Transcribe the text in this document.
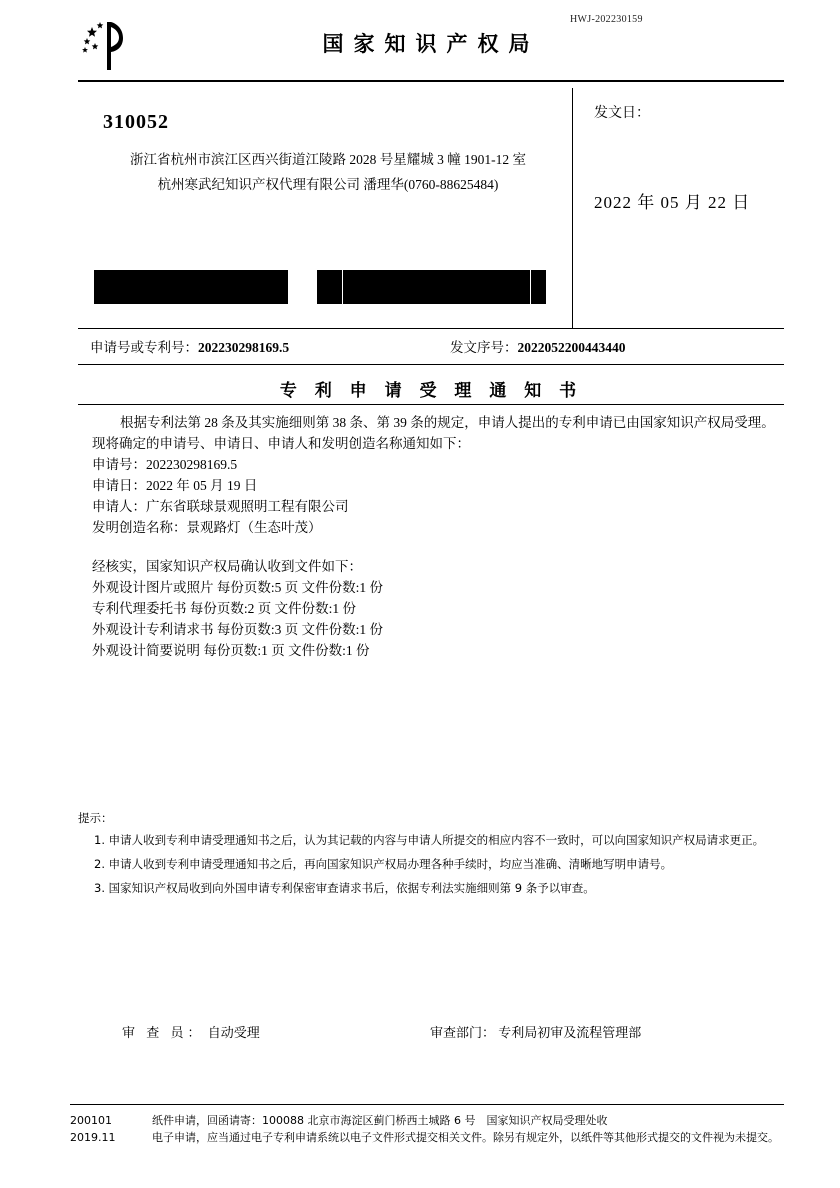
HWJ-202230159
国家知识产权局
310052
浙江省杭州市滨江区西兴街道江陵路 2028 号星耀城 3 幢 1901-12 室
杭州寒武纪知识产权代理有限公司 潘理华(0760-88625484)
发文日：
2022 年 05 月 22 日
申请号或专利号：202230298169.5	发文序号：2022052200443440
专 利 申 请 受 理 通 知 书

根据专利法第 28 条及其实施细则第 38 条、第 39 条的规定，申请人提出的专利申请已由国家知识产权局受理。现将确定的申请号、申请日、申请人和发明创造名称通知如下：

申请号：202230298169.5

申请日：2022 年 05 月 19 日

申请人：广东省联球景观照明工程有限公司

发明创造名称：景观路灯（生态叶茂）

经核实，国家知识产权局确认收到文件如下：

外观设计图片或照片 每份页数:5 页 文件份数:1 份

专利代理委托书 每份页数:2 页 文件份数:1 份

外观设计专利请求书 每份页数:3 页 文件份数:1 份

外观设计简要说明 每份页数:1 页 文件份数:1 份

提示：
1. 申请人收到专利申请受理通知书之后，认为其记载的内容与申请人所提交的相应内容不一致时，可以向国家知识产权局请求更正。
2. 申请人收到专利申请受理通知书之后，再向国家知识产权局办理各种手续时，均应当准确、清晰地写明申请号。
3. 国家知识产权局收到向外国申请专利保密审查请求书后，依据专利法实施细则第 9 条予以审查。
审 查 员： 自动受理	审查部门： 专利局初审及流程管理部
200101
2019.11
纸件申请，回函请寄：100088 北京市海淀区蓟门桥西土城路 6 号　国家知识产权局受理处收
电子申请，应当通过电子专利申请系统以电子文件形式提交相关文件。除另有规定外，以纸件等其他形式提交的文件视为未提交。
